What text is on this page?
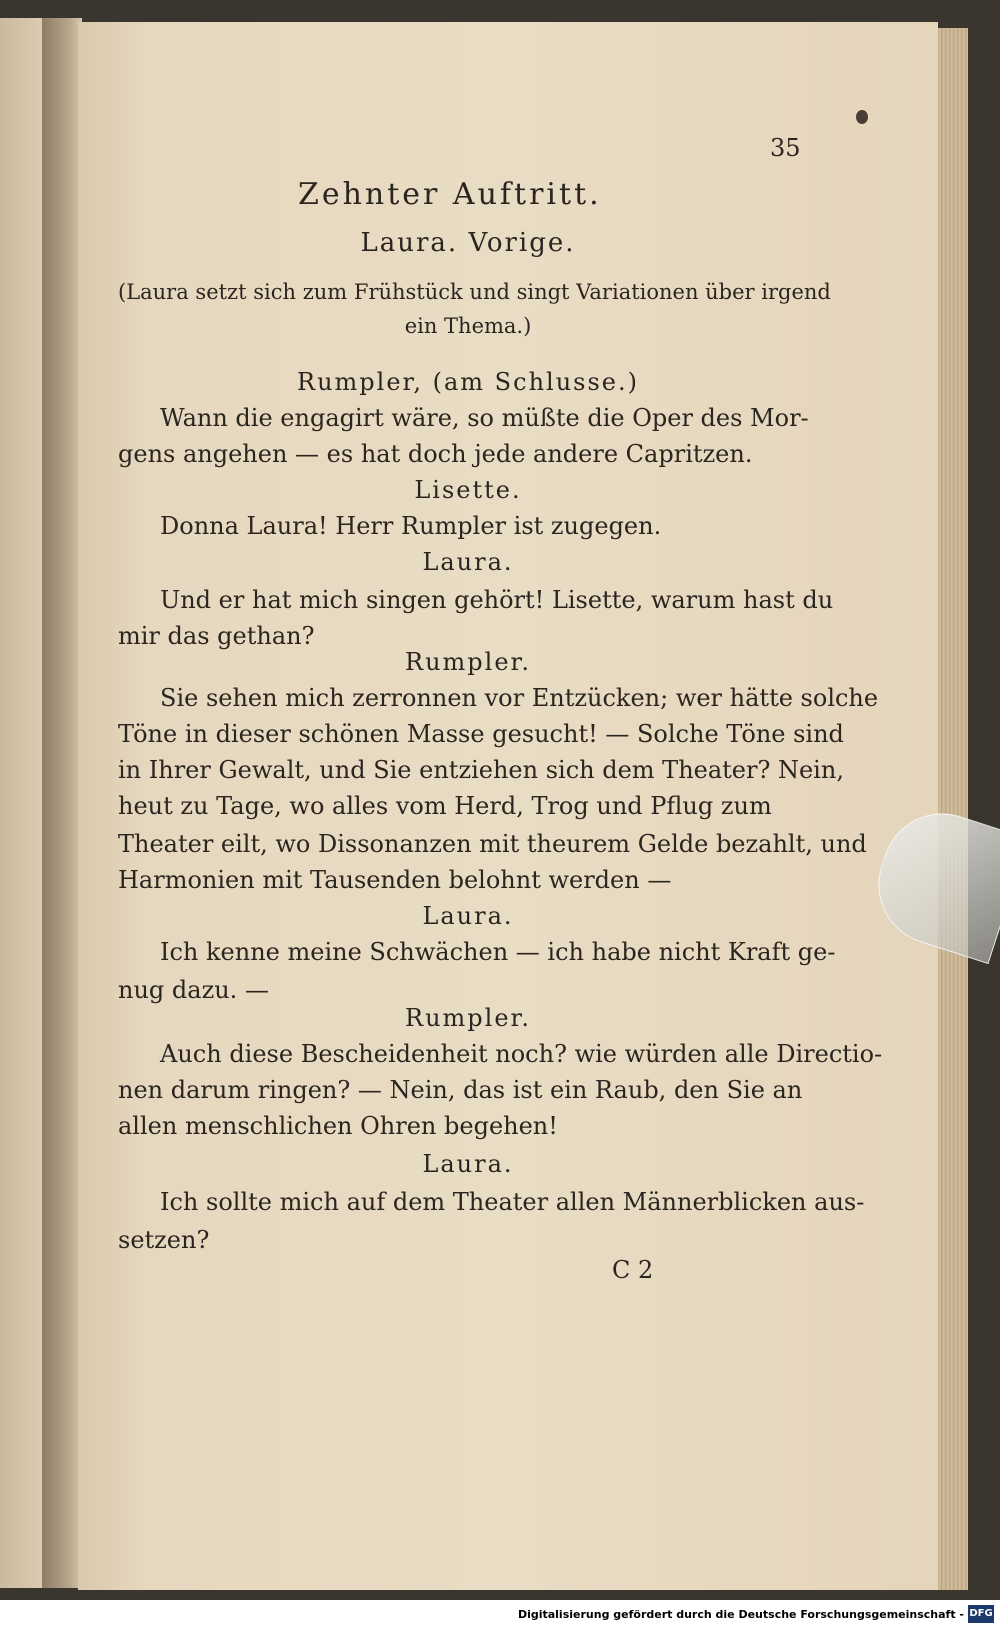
35
Zehnter Auftritt.
Laura. Vorige.
(Laura setzt sich zum Frühstück und singt Variationen über irgend
ein Thema.)
Rumpler, (am Schlusse.)
Wann die engagirt wäre, so müßte die Oper des Mor-
gens angehen — es hat doch jede andere Capritzen.
Lisette.
Donna Laura! Herr Rumpler ist zugegen.
Laura.
Und er hat mich singen gehört! Lisette, warum hast du
mir das gethan?
Rumpler.
Sie sehen mich zerronnen vor Entzücken; wer hätte solche
Töne in dieser schönen Masse gesucht! — Solche Töne sind
in Ihrer Gewalt, und Sie entziehen sich dem Theater? Nein,
heut zu Tage, wo alles vom Herd, Trog und Pflug zum
Theater eilt, wo Dissonanzen mit theurem Gelde bezahlt, und
Harmonien mit Tausenden belohnt werden —
Laura.
Ich kenne meine Schwächen — ich habe nicht Kraft ge-
nug dazu. —
Rumpler.
Auch diese Bescheidenheit noch? wie würden alle Directio-
nen darum ringen? — Nein, das ist ein Raub, den Sie an
allen menschlichen Ohren begehen!
Laura.
Ich sollte mich auf dem Theater allen Männerblicken aus-
setzen?
C 2
Digitalisierung gefördert durch die Deutsche Forschungsgemeinschaft - DFG
